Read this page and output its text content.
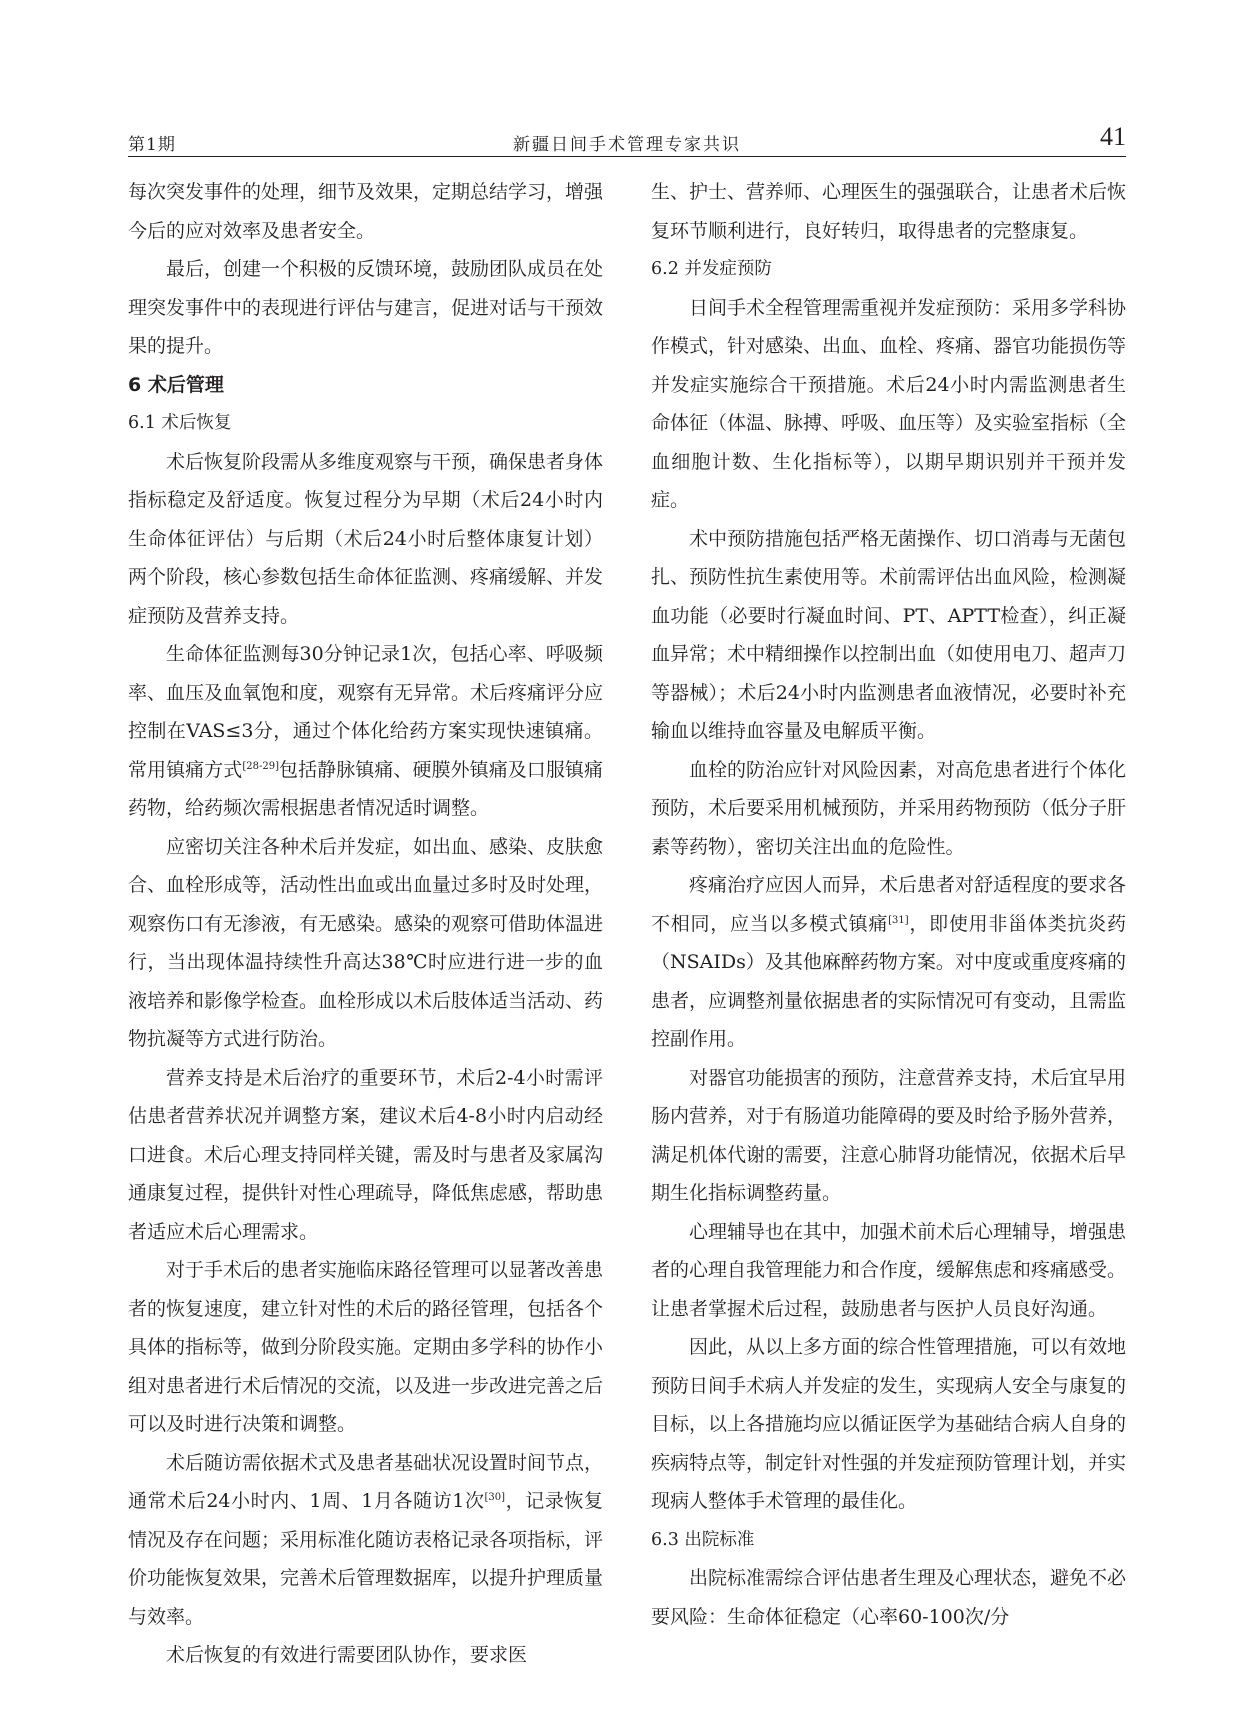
第1期	新疆日间手术管理专家共识	41

每次突发事件的处理，细节及效果，定期总结学习，增强今后的应对效率及患者安全。

最后，创建一个积极的反馈环境，鼓励团队成员在处理突发事件中的表现进行评估与建言，促进对话与干预效果的提升。

6 术后管理
6.1 术后恢复

术后恢复阶段需从多维度观察与干预，确保患者身体指标稳定及舒适度。恢复过程分为早期（术后24小时内生命体征评估）与后期（术后24小时后整体康复计划）两个阶段，核心参数包括生命体征监测、疼痛缓解、并发症预防及营养支持。

生命体征监测每30分钟记录1次，包括心率、呼吸频率、血压及血氧饱和度，观察有无异常。术后疼痛评分应控制在VAS≤3分，通过个体化给药方案实现快速镇痛。常用镇痛方式[28-29]包括静脉镇痛、硬膜外镇痛及口服镇痛药物，给药频次需根据患者情况适时调整。

应密切关注各种术后并发症，如出血、感染、皮肤愈合、血栓形成等，活动性出血或出血量过多时及时处理，观察伤口有无渗液，有无感染。感染的观察可借助体温进行，当出现体温持续性升高达38℃时应进行进一步的血液培养和影像学检查。血栓形成以术后肢体适当活动、药物抗凝等方式进行防治。

营养支持是术后治疗的重要环节，术后2-4小时需评估患者营养状况并调整方案，建议术后4-8小时内启动经口进食。术后心理支持同样关键，需及时与患者及家属沟通康复过程，提供针对性心理疏导，降低焦虑感，帮助患者适应术后心理需求。

对于手术后的患者实施临床路径管理可以显著改善患者的恢复速度，建立针对性的术后的路径管理，包括各个具体的指标等，做到分阶段实施。定期由多学科的协作小组对患者进行术后情况的交流，以及进一步改进完善之后可以及时进行决策和调整。

术后随访需依据术式及患者基础状况设置时间节点，通常术后24小时内、1周、1月各随访1次[30]，记录恢复情况及存在问题；采用标准化随访表格记录各项指标，评价功能恢复效果，完善术后管理数据库，以提升护理质量与效率。

术后恢复的有效进行需要团队协作，要求医

生、护士、营养师、心理医生的强强联合，让患者术后恢复环节顺利进行，良好转归，取得患者的完整康复。

6.2 并发症预防

日间手术全程管理需重视并发症预防：采用多学科协作模式，针对感染、出血、血栓、疼痛、器官功能损伤等并发症实施综合干预措施。术后24小时内需监测患者生命体征（体温、脉搏、呼吸、血压等）及实验室指标（全血细胞计数、生化指标等），以期早期识别并干预并发症。

术中预防措施包括严格无菌操作、切口消毒与无菌包扎、预防性抗生素使用等。术前需评估出血风险，检测凝血功能（必要时行凝血时间、PT、APTT检查），纠正凝血异常；术中精细操作以控制出血（如使用电刀、超声刀等器械）；术后24小时内监测患者血液情况，必要时补充输血以维持血容量及电解质平衡。

血栓的防治应针对风险因素，对高危患者进行个体化预防，术后要采用机械预防，并采用药物预防（低分子肝素等药物），密切关注出血的危险性。

疼痛治疗应因人而异，术后患者对舒适程度的要求各不相同，应当以多模式镇痛[31]，即使用非甾体类抗炎药（NSAIDs）及其他麻醉药物方案。对中度或重度疼痛的患者，应调整剂量依据患者的实际情况可有变动，且需监控副作用。

对器官功能损害的预防，注意营养支持，术后宜早用肠内营养，对于有肠道功能障碍的要及时给予肠外营养，满足机体代谢的需要，注意心肺肾功能情况，依据术后早期生化指标调整药量。

心理辅导也在其中，加强术前术后心理辅导，增强患者的心理自我管理能力和合作度，缓解焦虑和疼痛感受。让患者掌握术后过程，鼓励患者与医护人员良好沟通。

因此，从以上多方面的综合性管理措施，可以有效地预防日间手术病人并发症的发生，实现病人安全与康复的目标，以上各措施均应以循证医学为基础结合病人自身的疾病特点等，制定针对性强的并发症预防管理计划，并实现病人整体手术管理的最佳化。

6.3 出院标准

出院标准需综合评估患者生理及心理状态，避免不必要风险：生命体征稳定（心率60-100次/分
